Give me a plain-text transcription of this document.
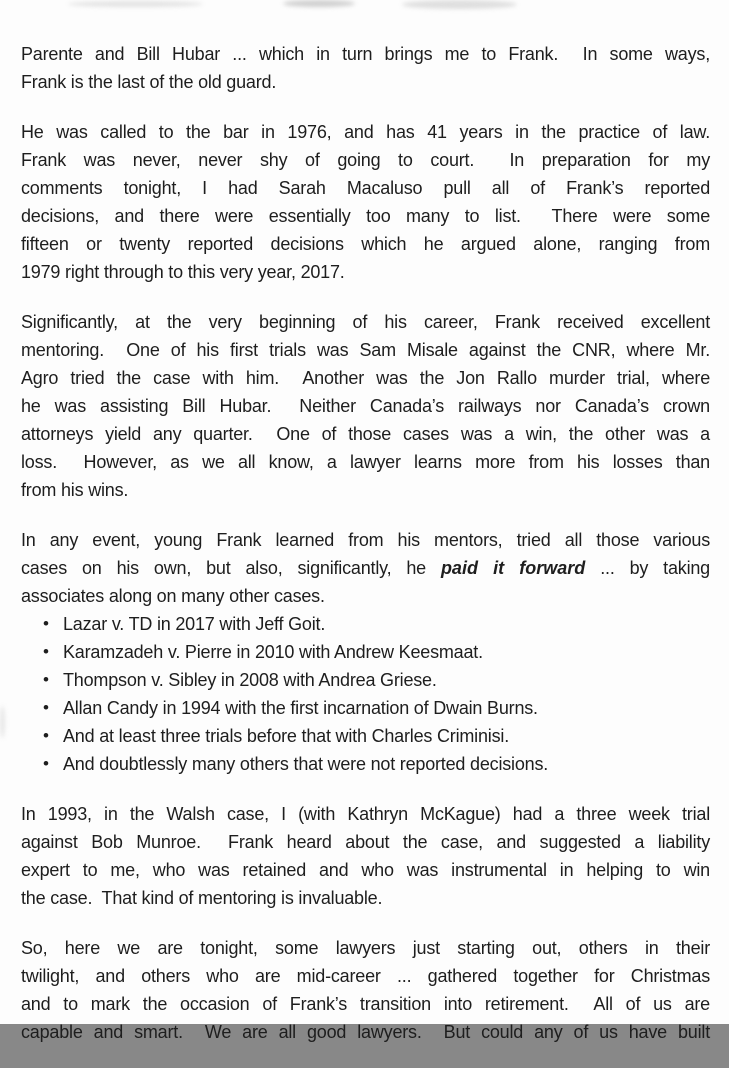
Parente and Bill Hubar ... which in turn brings me to Frank.  In some ways,
Frank is the last of the old guard.
He was called to the bar in 1976, and has 41 years in the practice of law.
Frank was never, never shy of going to court.  In preparation for my
comments tonight, I had Sarah Macaluso pull all of Frank’s reported
decisions, and there were essentially too many to list.  There were some
fifteen or twenty reported decisions which he argued alone, ranging from
1979 right through to this very year, 2017.
Significantly, at the very beginning of his career, Frank received excellent
mentoring.  One of his first trials was Sam Misale against the CNR, where Mr.
Agro tried the case with him.  Another was the Jon Rallo murder trial, where
he was assisting Bill Hubar.  Neither Canada’s railways nor Canada’s crown
attorneys yield any quarter.  One of those cases was a win, the other was a
loss.  However, as we all know, a lawyer learns more from his losses than
from his wins.
In any event, young Frank learned from his mentors, tried all those various
cases on his own, but also, significantly, he paid it forward ... by taking
associates along on many other cases.
• Lazar v. TD in 2017 with Jeff Goit.
• Karamzadeh v. Pierre in 2010 with Andrew Keesmaat.
• Thompson v. Sibley in 2008 with Andrea Griese.
• Allan Candy in 1994 with the first incarnation of Dwain Burns.
• And at least three trials before that with Charles Criminisi.
• And doubtlessly many others that were not reported decisions.
In 1993, in the Walsh case, I (with Kathryn McKague) had a three week trial
against Bob Munroe.  Frank heard about the case, and suggested a liability
expert to me, who was retained and who was instrumental in helping to win
the case.  That kind of mentoring is invaluable.
So, here we are tonight, some lawyers just starting out, others in their
twilight, and others who are mid-career ... gathered together for Christmas
and to mark the occasion of Frank’s transition into retirement.  All of us are
capable and smart.  We are all good lawyers.  But could any of us have built
